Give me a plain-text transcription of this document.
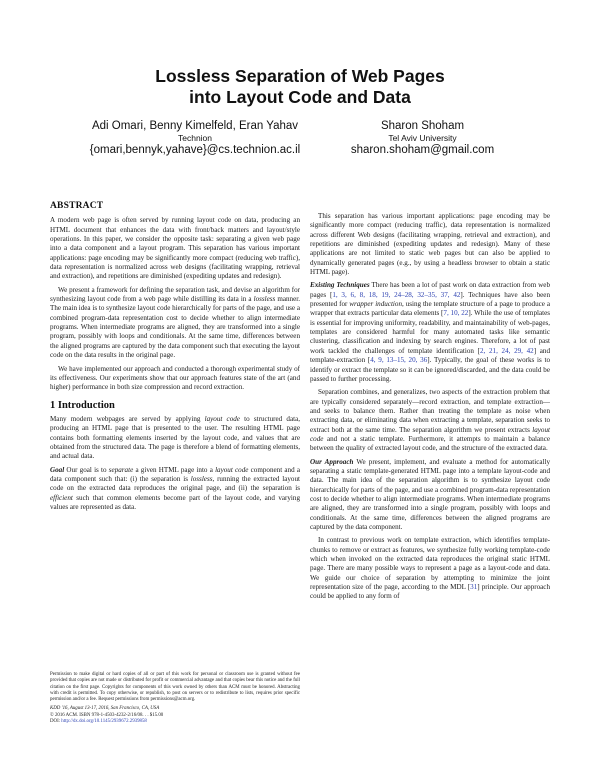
Lossless Separation of Web Pages
into Layout Code and Data
Adi Omari, Benny Kimelfeld, Eran Yahav
Technion
{omari,bennyk,yahave}@cs.technion.ac.il
Sharon Shoham
Tel Aviv University
sharon.shoham@gmail.com
ABSTRACT

A modern web page is often served by running layout code on data, producing an HTML document that enhances the data with front/back matters and layout/style operations. In this paper, we consider the opposite task: separating a given web page into a data component and a layout program. This separation has various important applications: page encoding may be significantly more compact (reducing web traffic), data representation is normalized across web designs (facilitating wrapping, retrieval and extraction), and repetitions are diminished (expediting updates and redesign).

We present a framework for defining the separation task, and devise an algorithm for synthesizing layout code from a web page while distilling its data in a lossless manner. The main idea is to synthesize layout code hierarchically for parts of the page, and use a combined program-data representation cost to decide whether to align intermediate programs. When intermediate programs are aligned, they are transformed into a single program, possibly with loops and conditionals. At the same time, differences between the aligned programs are captured by the data component such that executing the layout code on the data results in the original page.

We have implemented our approach and conducted a thorough experimental study of its effectiveness. Our experiments show that our approach features state of the art (and higher) performance in both size compression and record extraction.

1 Introduction

Many modern webpages are served by applying layout code to structured data, producing an HTML page that is presented to the user. The resulting HTML page contains both formatting elements inserted by the layout code, and values that are obtained from the structured data. The page is therefore a blend of formatting elements, and actual data.

Goal Our goal is to separate a given HTML page into a layout code component and a data component such that: (i) the separation is lossless, running the extracted layout code on the extracted data reproduces the original page, and (ii) the separation is efficient such that common elements become part of the layout code, and varying values are represented as data.

Permission to make digital or hard copies of all or part of this work for personal or classroom use is granted without fee provided that copies are not made or distributed for profit or commercial advantage and that copies bear this notice and the full citation on the first page. Copyrights for components of this work owned by others than ACM must be honored. Abstracting with credit is permitted. To copy otherwise, or republish, to post on servers or to redistribute to lists, requires prior specific permission and/or a fee. Request permissions from permissions@acm.org.

KDD '16, August 13-17, 2016, San Francisco, CA, USA
© 2016 ACM. ISBN 978-1-4503-4232-2/16/08. . . $15.00
DOI: http://dx.doi.org/10.1145/2939672.2939858

This separation has various important applications: page encoding may be significantly more compact (reducing traffic), data representation is normalized across different Web designs (facilitating wrapping, retrieval and extraction), and repetitions are diminished (expediting updates and redesign). Many of these applications are not limited to static web pages but can also be applied to dynamically generated pages (e.g., by using a headless browser to obtain a static HTML page).

Existing Techniques There has been a lot of past work on data extraction from web pages [1, 3, 6, 8, 18, 19, 24–28, 32–35, 37, 42]. Techniques have also been presented for wrapper induction, using the template structure of a page to produce a wrapper that extracts particular data elements [7, 10, 22]. While the use of templates is essential for improving uniformity, readability, and maintainability of web-pages, templates are considered harmful for many automated tasks like semantic clustering, classification and indexing by search engines. Therefore, a lot of past work tackled the challenges of template identification [2, 21, 24, 29, 42] and template-extraction [4, 9, 13–15, 20, 36]. Typically, the goal of these works is to identify or extract the template so it can be ignored/discarded, and the data could be passed to further processing.

Separation combines, and generalizes, two aspects of the extraction problem that are typically considered separately—record extraction, and template extraction—and seeks to balance them. Rather than treating the template as noise when extracting data, or eliminating data when extracting a template, separation seeks to extract both at the same time. The separation algorithm we present extracts layout code and not a static template. Furthermore, it attempts to maintain a balance between the quality of extracted layout code, and the structure of the extracted data.

Our Approach We present, implement, and evaluate a method for automatically separating a static template-generated HTML page into a template layout-code and data. The main idea of the separation algorithm is to synthesize layout code hierarchically for parts of the page, and use a combined program-data representation cost to decide whether to align intermediate programs. When intermediate programs are aligned, they are transformed into a single program, possibly with loops and conditionals. At the same time, differences between the aligned programs are captured by the data component.

In contrast to previous work on template extraction, which identifies template-chunks to remove or extract as features, we synthesize fully working template-code which when invoked on the extracted data reproduces the original static HTML page. There are many possible ways to represent a page as a layout-code and data. We guide our choice of separation by attempting to minimize the joint representation size of the page, according to the MDL [31] principle. Our approach could be applied to any form of
